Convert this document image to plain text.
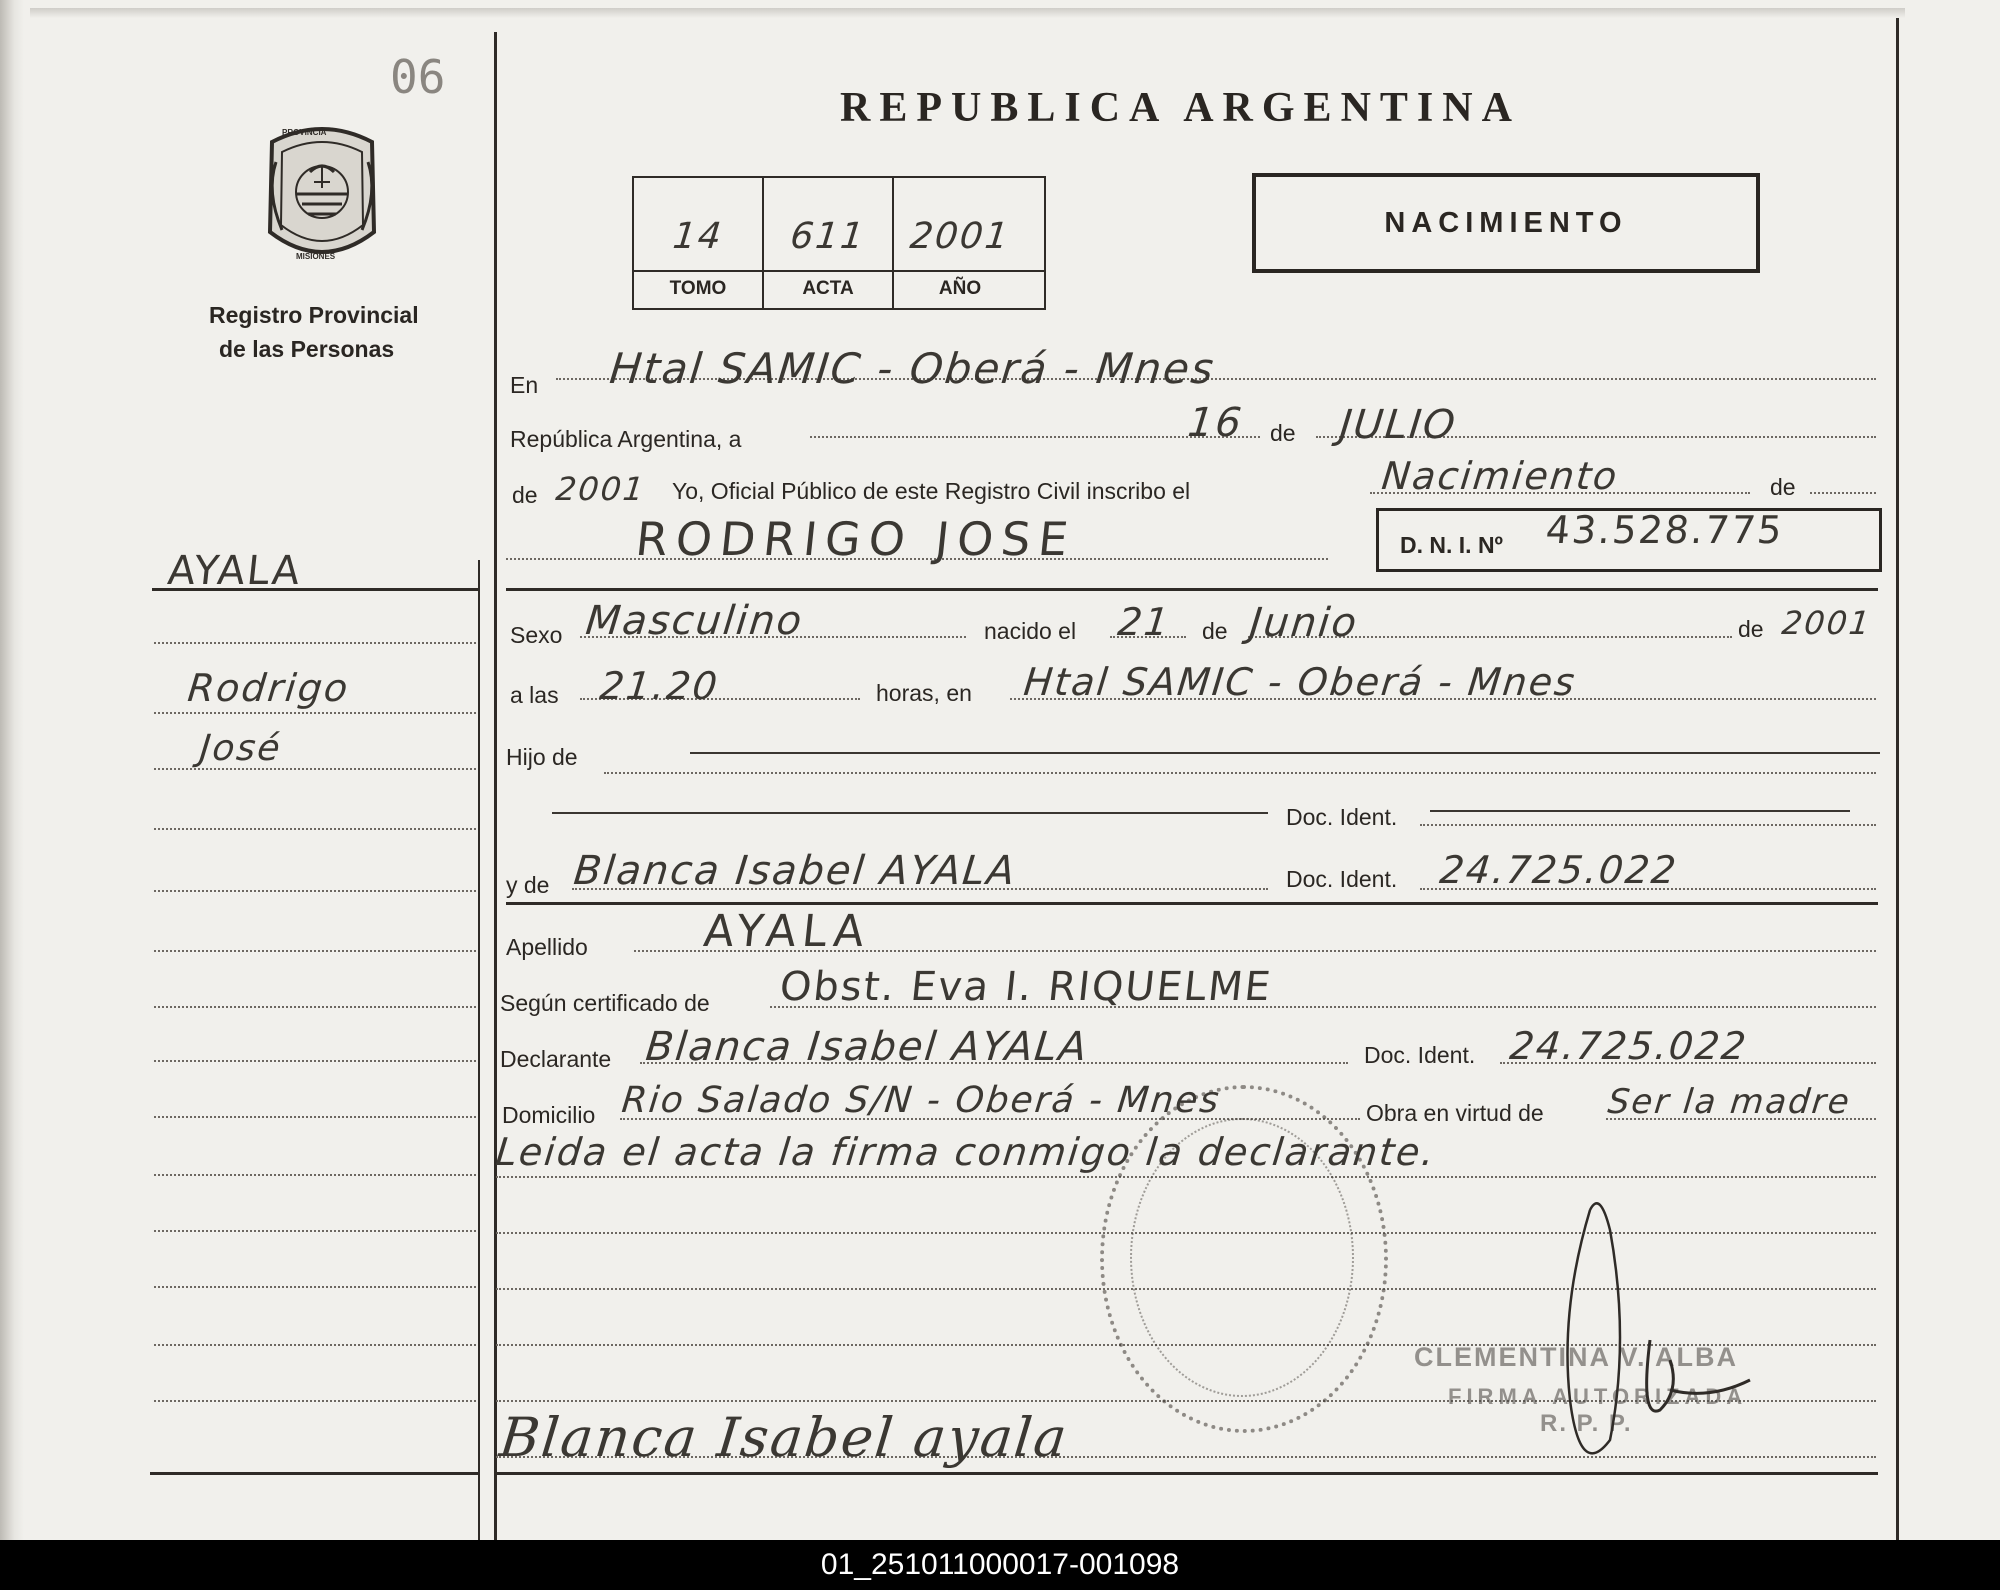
06
PROVINCIA
MISIONES
Registro Provincial
de las Personas
AYALA
Rodrigo
José
REPUBLICA ARGENTINA
14	611	2001
TOMO	ACTA	AÑO
NACIMIENTO
En Htal SAMIC - Oberá - Mnes
República Argentina, a	16 de JULIO
de 2001 Yo, Oficial Público de este Registro Civil inscribo el	Nacimiento	de
RODRIGO JOSE	D. N. I. Nº 43.528.775
Sexo Masculino	nacido el 21 de Junio	de 2001
a las 21.20	horas, en Htal SAMIC - Oberá - Mnes
Hijo de
Doc. Ident.
y de Blanca Isabel AYALA	Doc. Ident. 24.725.022
Apellido	AYALA
Según certificado de Obst. Eva I. RIQUELME
Declarante Blanca Isabel AYALA	Doc. Ident. 24.725.022
Domicilio Rio Salado S/N - Oberá - Mnes	Obra en virtud de Ser la madre
Leida el acta la firma conmigo la declarante.
CLEMENTINA V. ALBA
FIRMA AUTORIZADA
R. P. P.
Blanca Isabel ayala
01_251011000017-001098
